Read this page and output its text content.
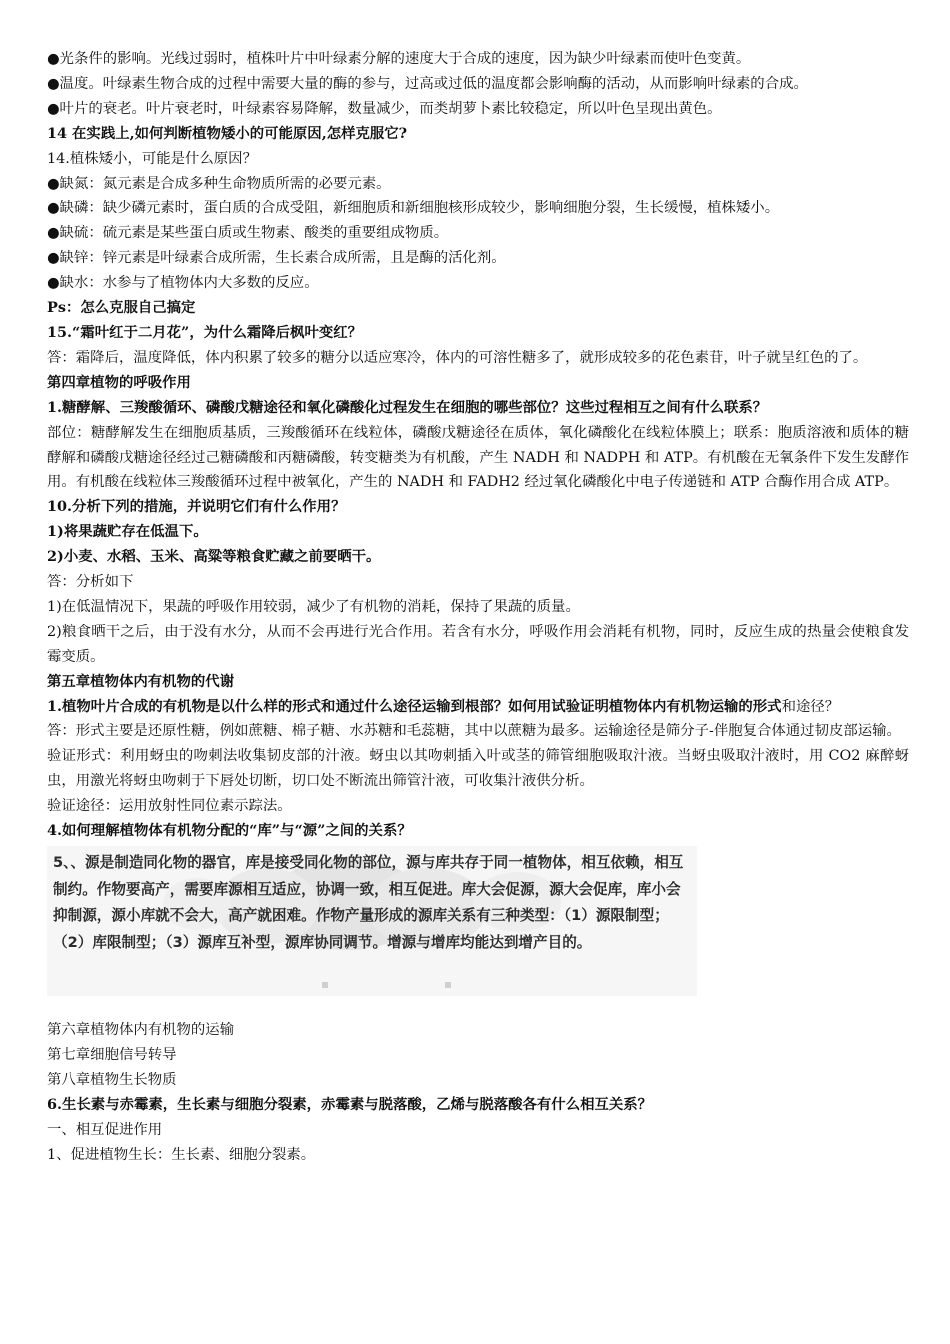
●光条件的影响。光线过弱时，植株叶片中叶绿素分解的速度大于合成的速度，因为缺少叶绿素而使叶色变黄。

●温度。叶绿素生物合成的过程中需要大量的酶的参与，过高或过低的温度都会影响酶的活动，从而影响叶绿素的合成。

●叶片的衰老。叶片衰老时，叶绿素容易降解，数量减少，而类胡萝卜素比较稳定，所以叶色呈现出黄色。

14 在实践上,如何判断植物矮小的可能原因,怎样克服它?

14.植株矮小，可能是什么原因？

●缺氮：氮元素是合成多种生命物质所需的必要元素。

●缺磷：缺少磷元素时，蛋白质的合成受阻，新细胞质和新细胞核形成较少，影响细胞分裂，生长缓慢，植株矮小。

●缺硫：硫元素是某些蛋白质或生物素、酸类的重要组成物质。

●缺锌：锌元素是叶绿素合成所需，生长素合成所需，且是酶的活化剂。

●缺水：水参与了植物体内大多数的反应。

Ps：怎么克服自己搞定

15.“霜叶红于二月花”，为什么霜降后枫叶变红？

答：霜降后，温度降低，体内积累了较多的糖分以适应寒冷，体内的可溶性糖多了，就形成较多的花色素苷，叶子就呈红色的了。

第四章植物的呼吸作用

1.糖酵解、三羧酸循环、磷酸戊糖途径和氧化磷酸化过程发生在细胞的哪些部位？这些过程相互之间有什么联系？

部位：糖酵解发生在细胞质基质，三羧酸循环在线粒体，磷酸戊糖途径在质体，氧化磷酸化在线粒体膜上；联系：胞质溶液和质体的糖酵解和磷酸戊糖途径经过己糖磷酸和丙糖磷酸，转变糖类为有机酸，产生 NADH 和 NADPH 和 ATP。有机酸在无氧条件下发生发酵作用。有机酸在线粒体三羧酸循环过程中被氧化，产生的 NADH 和 FADH2 经过氧化磷酸化中电子传递链和 ATP 合酶作用合成 ATP。

10.分析下列的措施，并说明它们有什么作用？

1)将果蔬贮存在低温下。

2)小麦、水稻、玉米、高粱等粮食贮藏之前要晒干。

答：分析如下

1)在低温情况下，果蔬的呼吸作用较弱，减少了有机物的消耗，保持了果蔬的质量。

2)粮食晒干之后，由于没有水分，从而不会再进行光合作用。若含有水分，呼吸作用会消耗有机物，同时，反应生成的热量会使粮食发霉变质。

第五章植物体内有机物的代谢

1.植物叶片合成的有机物是以什么样的形式和通过什么途径运输到根部？如何用试验证明植物体内有机物运输的形式和途径？

答：形式主要是还原性糖，例如蔗糖、棉子糖、水苏糖和毛蕊糖，其中以蔗糖为最多。运输途径是筛分子-伴胞复合体通过韧皮部运输。

验证形式：利用蚜虫的吻刺法收集韧皮部的汁液。蚜虫以其吻刺插入叶或茎的筛管细胞吸取汁液。当蚜虫吸取汁液时，用 CO2 麻醉蚜虫，用激光将蚜虫吻刺于下唇处切断，切口处不断流出筛管汁液，可收集汁液供分析。

验证途径：运用放射性同位素示踪法。

4.如何理解植物体有机物分配的“库”与“源”之间的关系？

5、、源是制造同化物的器官，库是接受同化物的部位，源与库共存于同一植物体，相互依赖，相互制约。作物要高产，需要库源相互适应，协调一致，相互促进。库大会促源，源大会促库，库小会抑制源，源小库就不会大，高产就困难。作物产量形成的源库关系有三种类型：（1）源限制型；（2）库限制型；（3）源库互补型，源库协同调节。增源与增库均能达到增产目的。

第六章植物体内有机物的运输

第七章细胞信号转导

第八章植物生长物质

6.生长素与赤霉素，生长素与细胞分裂素，赤霉素与脱落酸，乙烯与脱落酸各有什么相互关系？

一、相互促进作用

1、促进植物生长：生长素、细胞分裂素。
